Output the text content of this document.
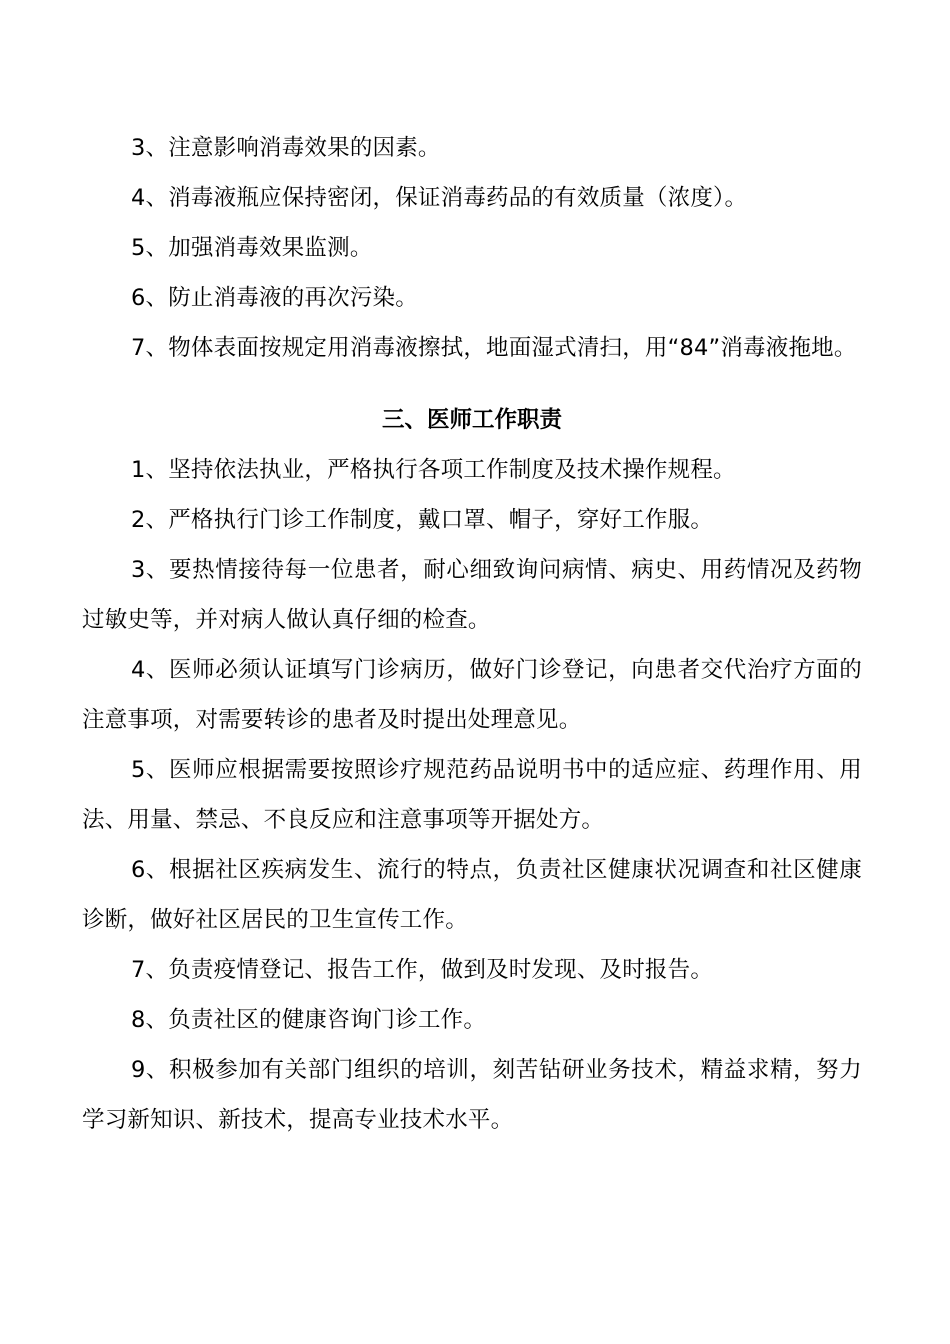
3、注意影响消毒效果的因素。

4、消毒液瓶应保持密闭，保证消毒药品的有效质量（浓度）。

5、加强消毒效果监测。

6、防止消毒液的再次污染。

7、物体表面按规定用消毒液擦拭，地面湿式清扫，用“84”消毒液拖地。

三、医师工作职责

1、坚持依法执业，严格执行各项工作制度及技术操作规程。

2、严格执行门诊工作制度，戴口罩、帽子，穿好工作服。

3、要热情接待每一位患者，耐心细致询问病情、病史、用药情况及药物过敏史等，并对病人做认真仔细的检查。

4、医师必须认证填写门诊病历，做好门诊登记，向患者交代治疗方面的注意事项，对需要转诊的患者及时提出处理意见。

5、医师应根据需要按照诊疗规范药品说明书中的适应症、药理作用、用法、用量、禁忌、不良反应和注意事项等开据处方。

6、根据社区疾病发生、流行的特点，负责社区健康状况调查和社区健康诊断，做好社区居民的卫生宣传工作。

7、负责疫情登记、报告工作，做到及时发现、及时报告。

8、负责社区的健康咨询门诊工作。

9、积极参加有关部门组织的培训，刻苦钻研业务技术，精益求精，努力学习新知识、新技术，提高专业技术水平。
